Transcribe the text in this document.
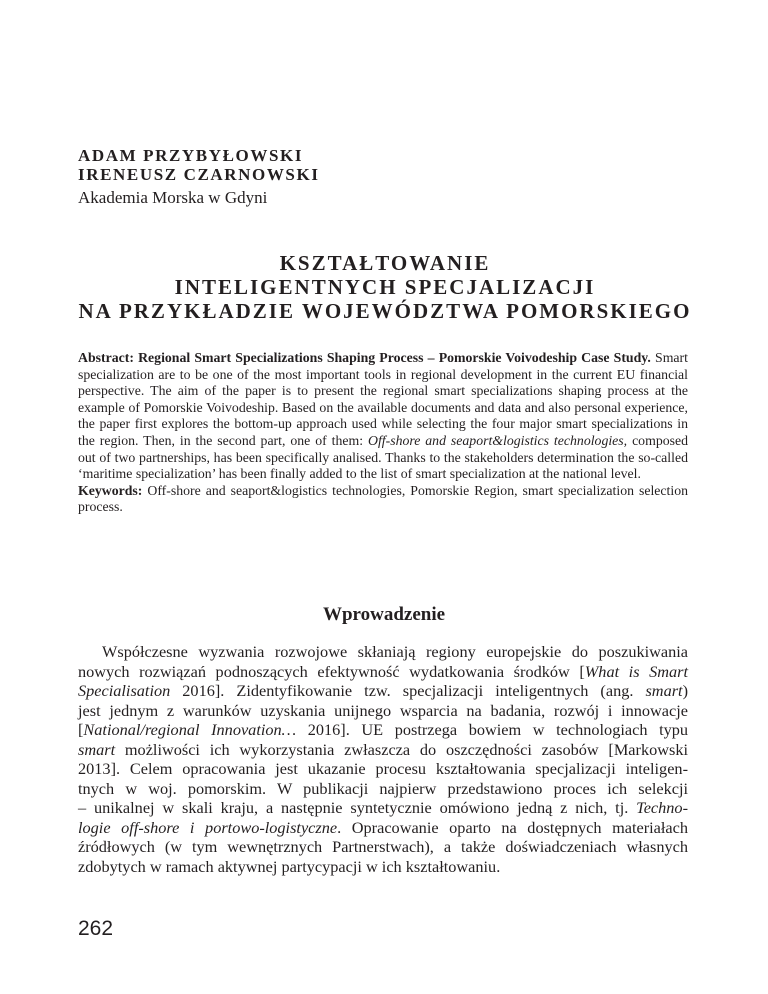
ADAM PRZYBYŁOWSKI
IRENEUSZ CZARNOWSKI
Akademia Morska w Gdyni
KSZTAŁTOWANIE
INTELIGENTNYCH SPECJALIZACJI
NA PRZYKŁADZIE WOJEWÓDZTWA POMORSKIEGO

Abstract: Regional Smart Specializations Shaping Process – Pomorskie Voivodeship Case Study. Smart specialization are to be one of the most important tools in regional development in the current EU financial perspective. The aim of the paper is to present the regional smart specializations shaping process at the example of Pomorskie Voivodeship. Based on the available documents and data and also personal experience, the paper first explores the bottom-up approach used while selecting the four major smart specializations in the region. Then, in the second part, one of them: Off-shore and seaport&logistics technologies, composed out of two partnerships, has been specifically analised. Thanks to the stakeholders determination the so-called ‘maritime specialization’ has been finally added to the list of smart specialization at the national level.

Keywords: Off-shore and seaport&logistics technologies, Pomorskie Region, smart specialization selection process.

Wprowadzenie
Współczesne wyzwania rozwojowe skłaniają regiony europejskie do poszukiwania
nowych rozwiązań podnoszących efektywność wydatkowania środków [What is Smart
Specialisation 2016]. Zidentyfikowanie tzw. specjalizacji inteligentnych (ang. smart)
jest jednym z warunków uzyskania unijnego wsparcia na badania, rozwój i innowacje
[National/regional Innovation… 2016]. UE postrzega bowiem w technologiach typu
smart możliwości ich wykorzystania zwłaszcza do oszczędności zasobów [Markowski
2013]. Celem opracowania jest ukazanie procesu kształtowania specjalizacji inteligen-
tnych w woj. pomorskim. W publikacji najpierw przedstawiono proces ich selekcji
– unikalnej w skali kraju, a następnie syntetycznie omówiono jedną z nich, tj. Techno-
logie off-shore i portowo-logistyczne. Opracowanie oparto na dostępnych materiałach
źródłowych (w tym wewnętrznych Partnerstwach), a także doświadczeniach własnych
zdobytych w ramach aktywnej partycypacji w ich kształtowaniu.
262
